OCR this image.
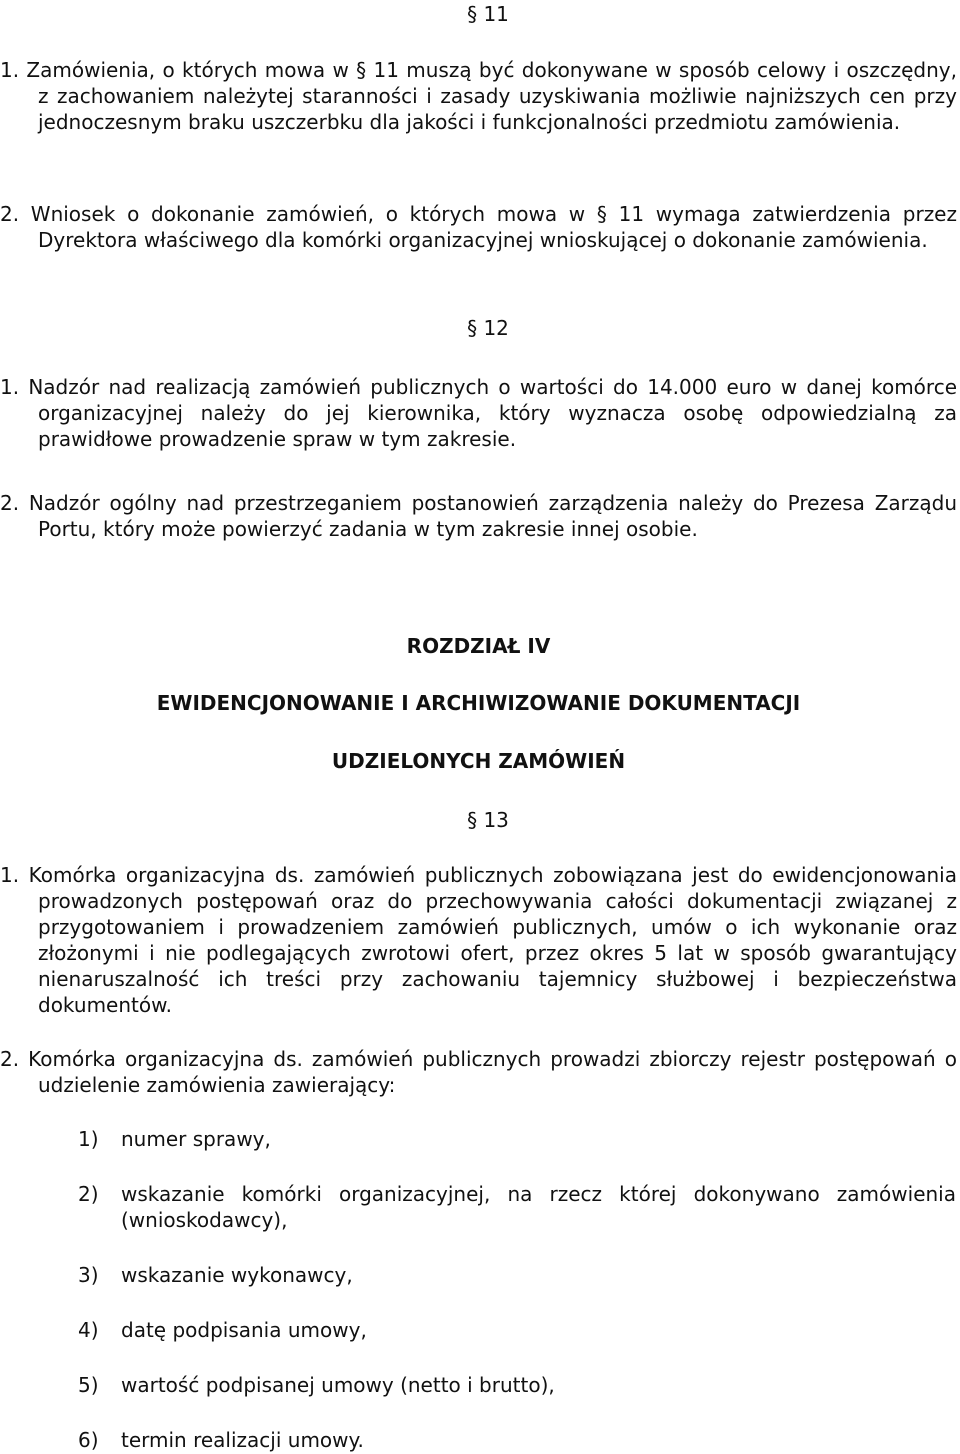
§ 11
1. Zamówienia, o których mowa w § 11 muszą być dokonywane w sposób celowy i oszczędny, z zachowaniem należytej staranności i zasady uzyskiwania możliwie najniższych cen przy jednoczesnym braku uszczerbku dla jakości i funkcjonalności przedmiotu zamówienia.
2. Wniosek o dokonanie zamówień, o których mowa w § 11 wymaga zatwierdzenia przez Dyrektora właściwego dla komórki organizacyjnej wnioskującej o dokonanie zamówienia.
§ 12
1. Nadzór nad realizacją zamówień publicznych o wartości do 14.000 euro w danej komórce organizacyjnej należy do jej kierownika, który wyznacza osobę odpowiedzialną za prawidłowe prowadzenie spraw w tym zakresie.
2. Nadzór ogólny nad przestrzeganiem postanowień zarządzenia należy do Prezesa Zarządu Portu, który może powierzyć zadania w tym zakresie innej osobie.
ROZDZIAŁ IV
EWIDENCJONOWANIE I ARCHIWIZOWANIE DOKUMENTACJI
UDZIELONYCH ZAMÓWIEŃ
§ 13
1. Komórka organizacyjna ds. zamówień publicznych zobowiązana jest do ewidencjonowania prowadzonych postępowań oraz do przechowywania całości dokumentacji związanej z przygotowaniem i prowadzeniem zamówień publicznych, umów o ich wykonanie oraz złożonymi i nie podlegających zwrotowi ofert, przez okres 5 lat w sposób gwarantujący nienaruszalność ich treści przy zachowaniu tajemnicy służbowej i bezpieczeństwa dokumentów.
2. Komórka organizacyjna ds. zamówień publicznych prowadzi zbiorczy rejestr postępowań o udzielenie zamówienia zawierający:
1)	numer sprawy,
2)	wskazanie komórki organizacyjnej, na rzecz której dokonywano zamówienia (wnioskodawcy),
3)	wskazanie wykonawcy,
4)	datę podpisania umowy,
5)	wartość podpisanej umowy (netto i brutto),
6)	termin realizacji umowy.
